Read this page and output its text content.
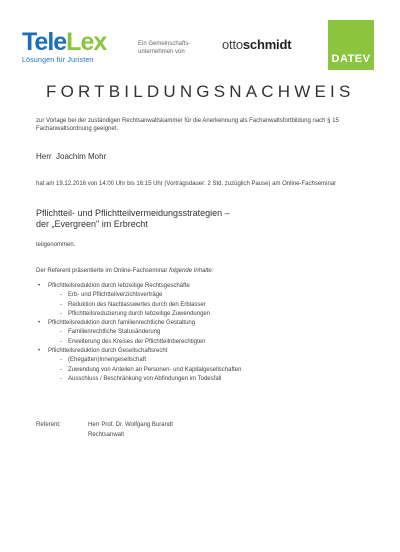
TeleLex
Lösungen für Juristen
Ein Gemeinschafts-
unternehmen von	ottoschmidt
DATEV
FORTBILDUNGSNACHWEIS
zur Vorlage bei der zuständigen Rechtsanwaltskammer für die Anerkennung als Fachanwaltsfortbildung nach § 15 Fachanwaltsordnung geeignet.
Herr  Joachim Mohr
hat am 19.12.2016 von 14:00 Uhr bis 16:15 Uhr (Vortragsdauer: 2 Std. zuzüglich Pause) am Online-Fachseminar
Pflichtteil- und Pflichtteilvermeidungsstrategien –
der „Evergreen" im Erbrecht
teilgenommen.
Der Referent präsentierte im Online-Fachseminar folgende Inhalte:
• Pflichtteilsreduktion durch lebzeitige Rechtsgeschäfte
- Erb- und Pflichtteilverzichtsverträge
- Reduktion des Nachlasswertes durch den Erblasser
- Pflichtteilsreduzierung durch lebzeitige Zuwendungen
• Pflichtteilsreduktion durch familienrechtliche Gestaltung
- Familienrechtliche Statusänderung
- Erweiterung des Kreises der Pflichtteilnberechtigten
• Pflichtteilsreduktion durch Gesellschaftsrecht
- (Ehegatten)Innengesellschaft
- Zuwendung von Anteilen an Personen- und Kapitalgesellschaften
- Ausschluss / Beschränkung von Abfindungen im Todesfall
Referent:	Herr Prof. Dr. Wolfgang Burandt
Rechtsanwalt
